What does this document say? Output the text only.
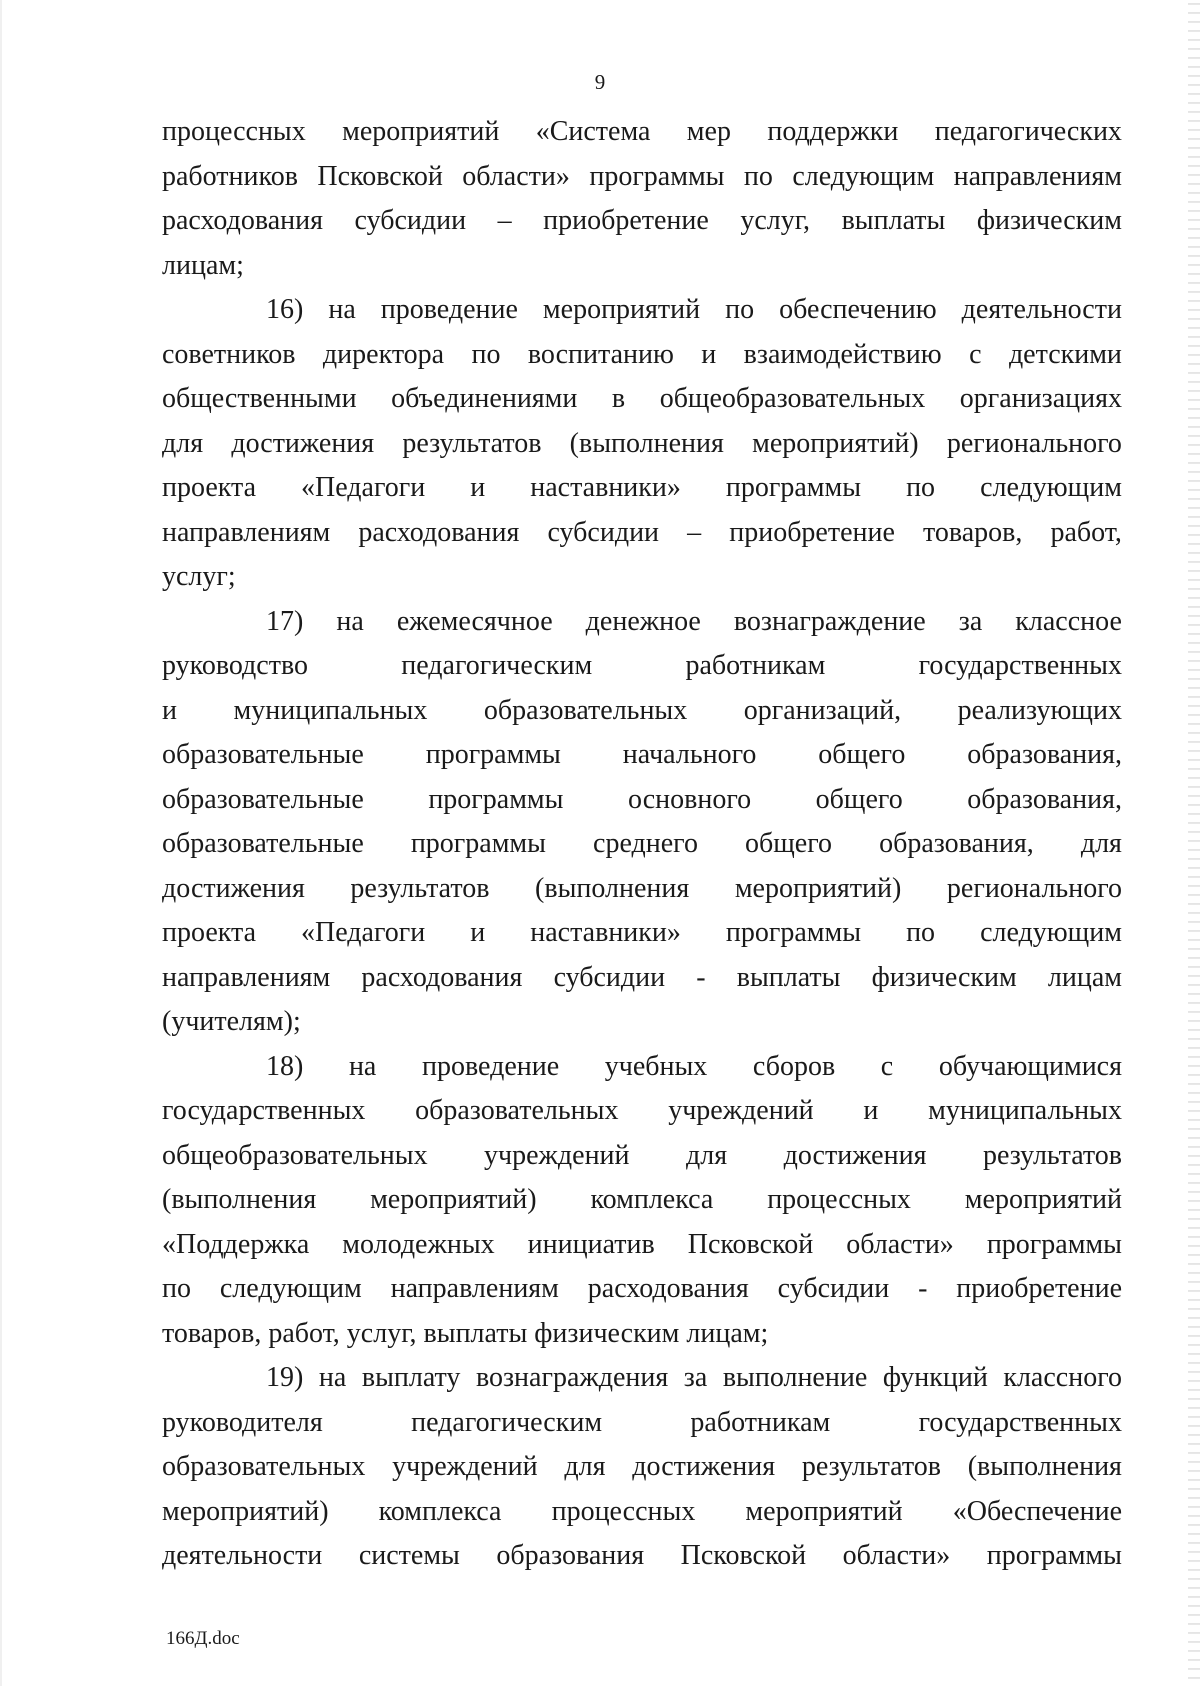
9
процессных мероприятий «Система мер поддержки педагогических
работников Псковской области» программы по следующим направлениям
расходования субсидии – приобретение услуг, выплаты физическим
лицам;
16) на проведение мероприятий по обеспечению деятельности
советников директора по воспитанию и взаимодействию с детскими
общественными объединениями в общеобразовательных организациях
для достижения результатов (выполнения мероприятий) регионального
проекта «Педагоги и наставники» программы по следующим
направлениям расходования субсидии – приобретение товаров, работ,
услуг;
17) на ежемесячное денежное вознаграждение за классное
руководство	педагогическим	работникам	государственных
и муниципальных образовательных организаций, реализующих
образовательные программы начального общего образования,
образовательные программы основного общего образования,
образовательные программы среднего общего образования, для
достижения результатов (выполнения мероприятий) регионального
проекта «Педагоги и наставники» программы по следующим
направлениям расходования субсидии - выплаты физическим лицам
(учителям);
18) на проведение учебных сборов с обучающимися
государственных образовательных учреждений и муниципальных
общеобразовательных учреждений для достижения результатов
(выполнения мероприятий) комплекса процессных мероприятий
«Поддержка молодежных инициатив Псковской области» программы
по следующим направлениям расходования субсидии - приобретение
товаров, работ, услуг, выплаты физическим лицам;
19) на выплату вознаграждения за выполнение функций классного
руководителя	педагогическим	работникам	государственных
образовательных учреждений для достижения результатов (выполнения
мероприятий) комплекса процессных мероприятий «Обеспечение
деятельности системы образования Псковской области» программы
166Д.doc
